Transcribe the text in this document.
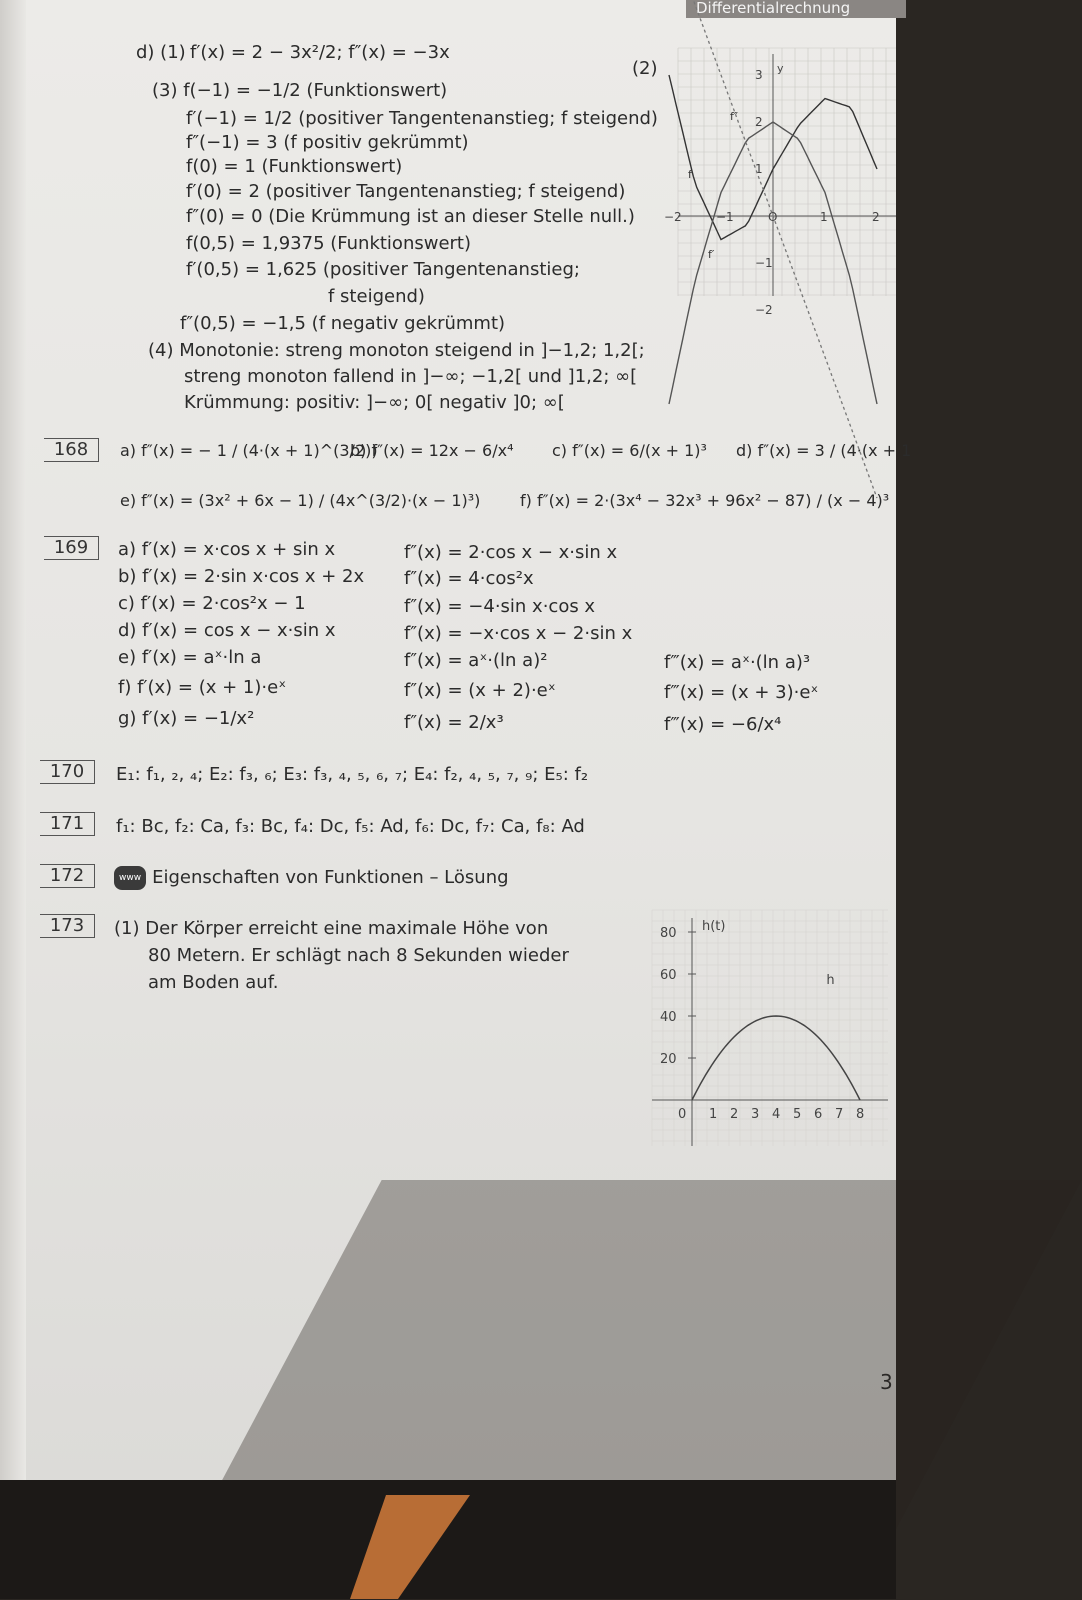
Differentialrechnung
d) (1) f′(x) = 2 − 3x²/2; f″(x) = −3x
(2)
(3) f(−1) = −1/2 (Funktionswert)
f′(−1) = 1/2 (positiver Tangentenanstieg; f steigend)
f″(−1) = 3 (f positiv gekrümmt)
f(0) = 1 (Funktionswert)
f′(0) = 2 (positiver Tangentenanstieg; f steigend)
f″(0) = 0 (Die Krümmung ist an dieser Stelle null.)
f(0,5) = 1,9375 (Funktionswert)
f′(0,5) = 1,625 (positiver Tangentenanstieg;
f steigend)
f″(0,5) = −1,5 (f negativ gekrümmt)
(4) Monotonie: streng monoton steigend in ]−1,2; 1,2[;
streng monoton fallend in ]−∞; −1,2[ und ]1,2; ∞[
Krümmung: positiv: ]−∞; 0[ negativ ]0; ∞[
y
−2	−1	O	1	2
3
2
1
−1
−2
f″
f
f′
168	a) f″(x) = − 1 / (4·(x + 1)^(3/2))
b) f″(x) = 12x − 6/x⁴ c) f″(x) = 6/(x + 1)³ d) f″(x) = 3 / (4·(x + 1
e) f″(x) = (3x² + 6x − 1) / (4x^(3/2)·(x − 1)³) f) f″(x) = 2·(3x⁴ − 32x³ + 96x² − 87) / (x − 4)³
169	a) f′(x) = x·cos x + sin x	f″(x) = 2·cos x − x·sin x
b) f′(x) = 2·sin x·cos x + 2x f″(x) = 4·cos²x
c) f′(x) = 2·cos²x − 1	f″(x) = −4·sin x·cos x
d) f′(x) = cos x − x·sin x	f″(x) = −x·cos x − 2·sin x
e) f′(x) = aˣ·ln a	f″(x) = aˣ·(ln a)²	f‴(x) = aˣ·(ln a)³
f) f′(x) = (x + 1)·eˣ	f″(x) = (x + 2)·eˣ	f‴(x) = (x + 3)·eˣ
g) f′(x) = −1/x²	f″(x) = 2/x³	f‴(x) = −6/x⁴
170	E₁: f₁, ₂, ₄; E₂: f₃, ₆; E₃: f₃, ₄, ₅, ₆, ₇; E₄: f₂, ₄, ₅, ₇, ₉; E₅: f₂
171	f₁: Bc, f₂: Ca, f₃: Bc, f₄: Dc, f₅: Ad, f₆: Dc, f₇: Ca, f₈: Ad
172	www Eigenschaften von Funktionen – Lösung
173	(1) Der Körper erreicht eine maximale Höhe von
80 Metern. Er schlägt nach 8 Sekunden wieder
am Boden auf.
h(t)
0 1 2 3 4 5 6 7 8
20
40
60
80
h
3
